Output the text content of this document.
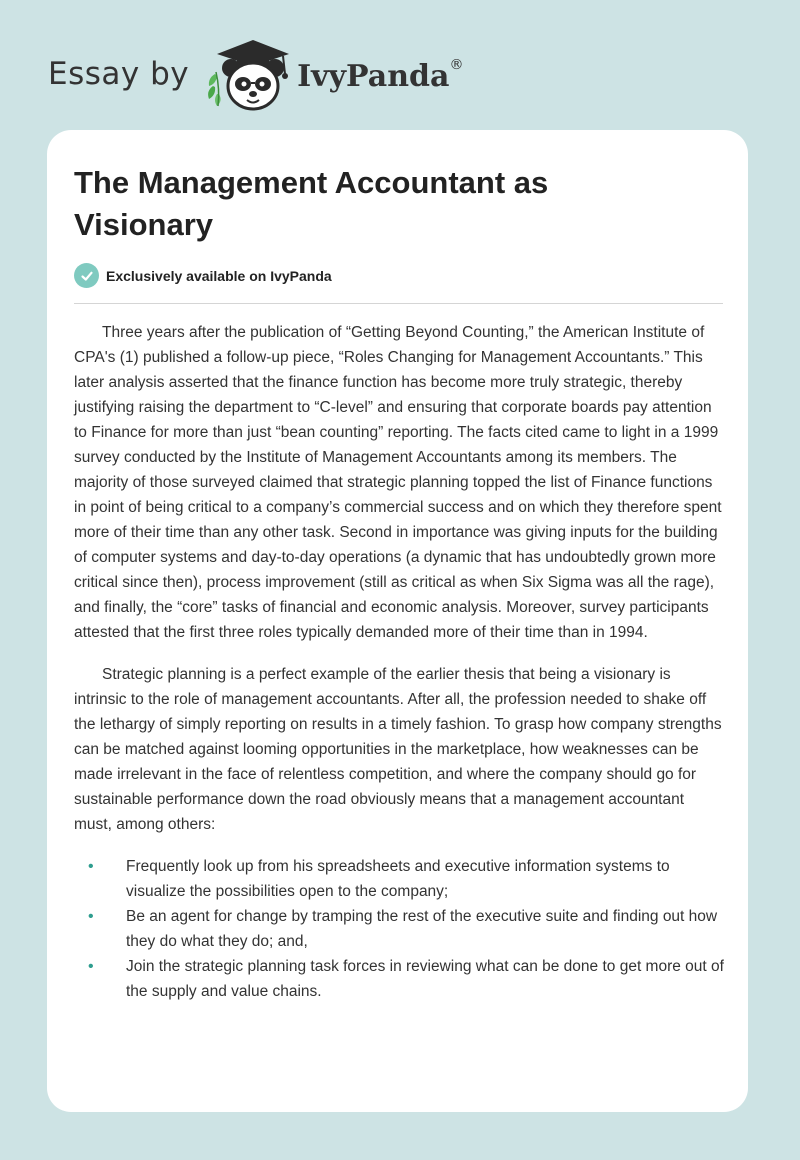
Essay by	IvyPanda®
The Management Accountant as Visionary
Exclusively available on IvyPanda

Three years after the publication of “Getting Beyond Counting,” the American Institute of CPA's (1) published a follow-up piece, “Roles Changing for Management Accountants.” This later analysis asserted that the finance function has become more truly strategic, thereby justifying raising the department to “C-level” and ensuring that corporate boards pay attention to Finance for more than just “bean counting” reporting. The facts cited came to light in a 1999 survey conducted by the Institute of Management Accountants among its members. The majority of those surveyed claimed that strategic planning topped the list of Finance functions in point of being critical to a company’s commercial success and on which they therefore spent more of their time than any other task. Second in importance was giving inputs for the building of computer systems and day-to-day operations (a dynamic that has undoubtedly grown more critical since then), process improvement (still as critical as when Six Sigma was all the rage), and finally, the “core” tasks of financial and economic analysis. Moreover, survey participants attested that the first three roles typically demanded more of their time than in 1994.

Strategic planning is a perfect example of the earlier thesis that being a visionary is intrinsic to the role of management accountants. After all, the profession needed to shake off the lethargy of simply reporting on results in a timely fashion. To grasp how company strengths can be matched against looming opportunities in the marketplace, how weaknesses can be made irrelevant in the face of relentless competition, and where the company should go for sustainable performance down the road obviously means that a management accountant must, among others:

• Frequently look up from his spreadsheets and executive information systems to visualize the possibilities open to the company;
• Be an agent for change by tramping the rest of the executive suite and finding out how they do what they do; and,
• Join the strategic planning task forces in reviewing what can be done to get more out of the supply and value chains.
